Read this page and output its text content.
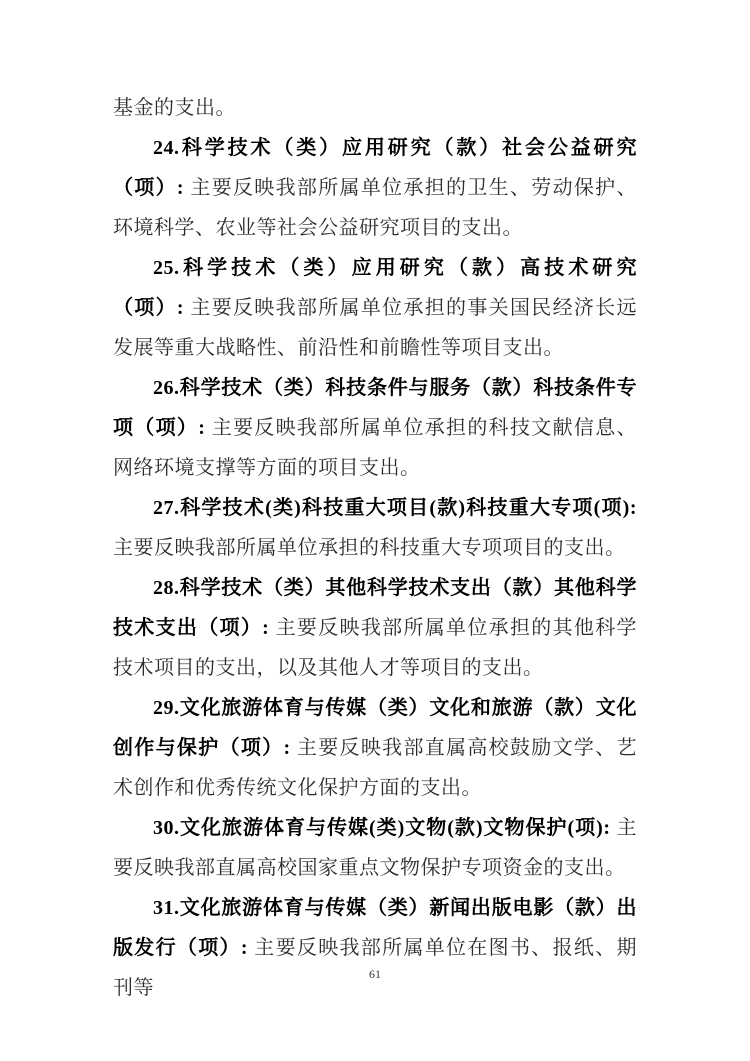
基金的支出。

24.科学技术（类）应用研究（款）社会公益研究（项）: 主要反映我部所属单位承担的卫生、劳动保护、环境科学、农业等社会公益研究项目的支出。

25.科学技术（类）应用研究（款）高技术研究（项）: 主要反映我部所属单位承担的事关国民经济长远发展等重大战略性、前沿性和前瞻性等项目支出。

26.科学技术（类）科技条件与服务（款）科技条件专项（项）: 主要反映我部所属单位承担的科技文献信息、网络环境支撑等方面的项目支出。

27.科学技术(类)科技重大项目(款)科技重大专项(项): 主要反映我部所属单位承担的科技重大专项项目的支出。

28.科学技术（类）其他科学技术支出（款）其他科学技术支出（项）: 主要反映我部所属单位承担的其他科学技术项目的支出，以及其他人才等项目的支出。

29.文化旅游体育与传媒（类）文化和旅游（款）文化创作与保护（项）: 主要反映我部直属高校鼓励文学、艺术创作和优秀传统文化保护方面的支出。

30.文化旅游体育与传媒(类)文物(款)文物保护(项): 主要反映我部直属高校国家重点文物保护专项资金的支出。

31.文化旅游体育与传媒（类）新闻出版电影（款）出版发行（项）: 主要反映我部所属单位在图书、报纸、期刊等

61
